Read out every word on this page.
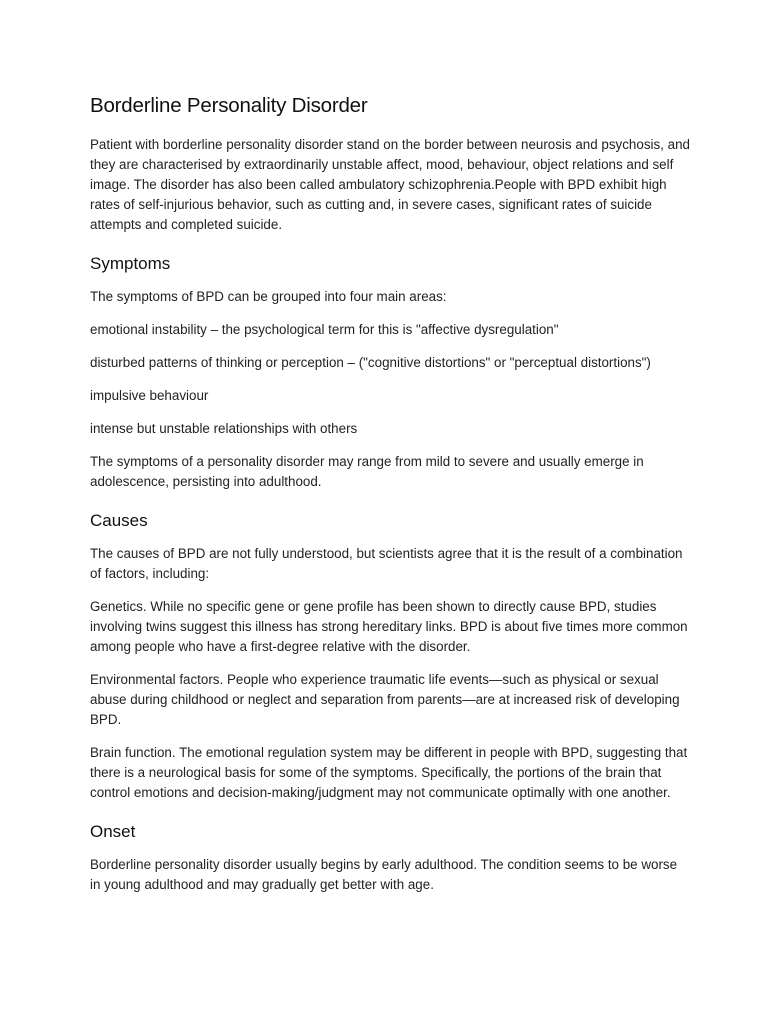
Borderline Personality Disorder

Patient with borderline personality disorder stand on the border between neurosis and psychosis, and they are characterised by extraordinarily unstable affect, mood, behaviour, object relations and self image. The disorder has also been called ambulatory schizophrenia.People with BPD exhibit high rates of self-injurious behavior, such as cutting and, in severe cases, significant rates of suicide attempts and completed suicide.

Symptoms

The symptoms of BPD can be grouped into four main areas:

emotional instability – the psychological term for this is "affective dysregulation"

disturbed patterns of thinking or perception – ("cognitive distortions" or "perceptual distortions")

impulsive behaviour

intense but unstable relationships with others

The symptoms of a personality disorder may range from mild to severe and usually emerge in adolescence, persisting into adulthood.

Causes

The causes of BPD are not fully understood, but scientists agree that it is the result of a combination of factors, including:

Genetics. While no specific gene or gene profile has been shown to directly cause BPD, studies involving twins suggest this illness has strong hereditary links. BPD is about five times more common among people who have a first-degree relative with the disorder.

Environmental factors. People who experience traumatic life events—such as physical or sexual abuse during childhood or neglect and separation from parents—are at increased risk of developing BPD.

Brain function. The emotional regulation system may be different in people with BPD, suggesting that there is a neurological basis for some of the symptoms. Specifically, the portions of the brain that control emotions and decision-making/judgment may not communicate optimally with one another.

Onset

Borderline personality disorder usually begins by early adulthood. The condition seems to be worse in young adulthood and may gradually get better with age.
